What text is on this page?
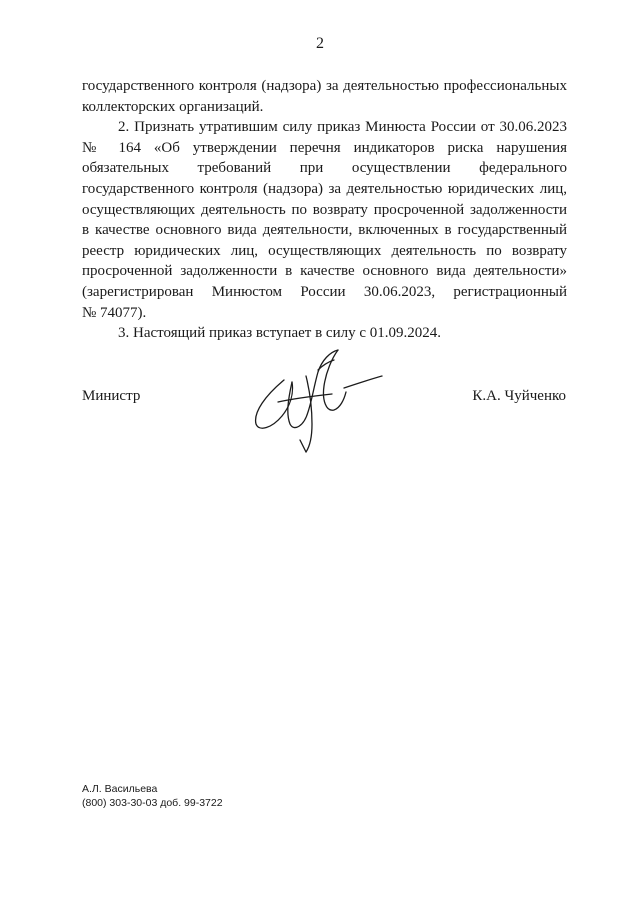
2

государственного контроля (надзора) за деятельностью профессиональных
коллекторских организаций.

2. Признать утратившим силу приказ Минюста России от 30.06.2023
№ 164 «Об утверждении перечня индикаторов риска нарушения
обязательных требований при осуществлении федерального
государственного контроля (надзора) за деятельностью юридических лиц,
осуществляющих деятельность по возврату просроченной задолженности
в качестве основного вида деятельности, включенных в государственный
реестр юридических лиц, осуществляющих деятельность по возврату
просроченной задолженности в качестве основного вида деятельности»
(зарегистрирован Минюстом России 30.06.2023, регистрационный
№ 74077).

3. Настоящий приказ вступает в силу с 01.09.2024.

Министр	К.А. Чуйченко
А.Л. Васильева
(800) 303-30-03 доб. 99-3722
